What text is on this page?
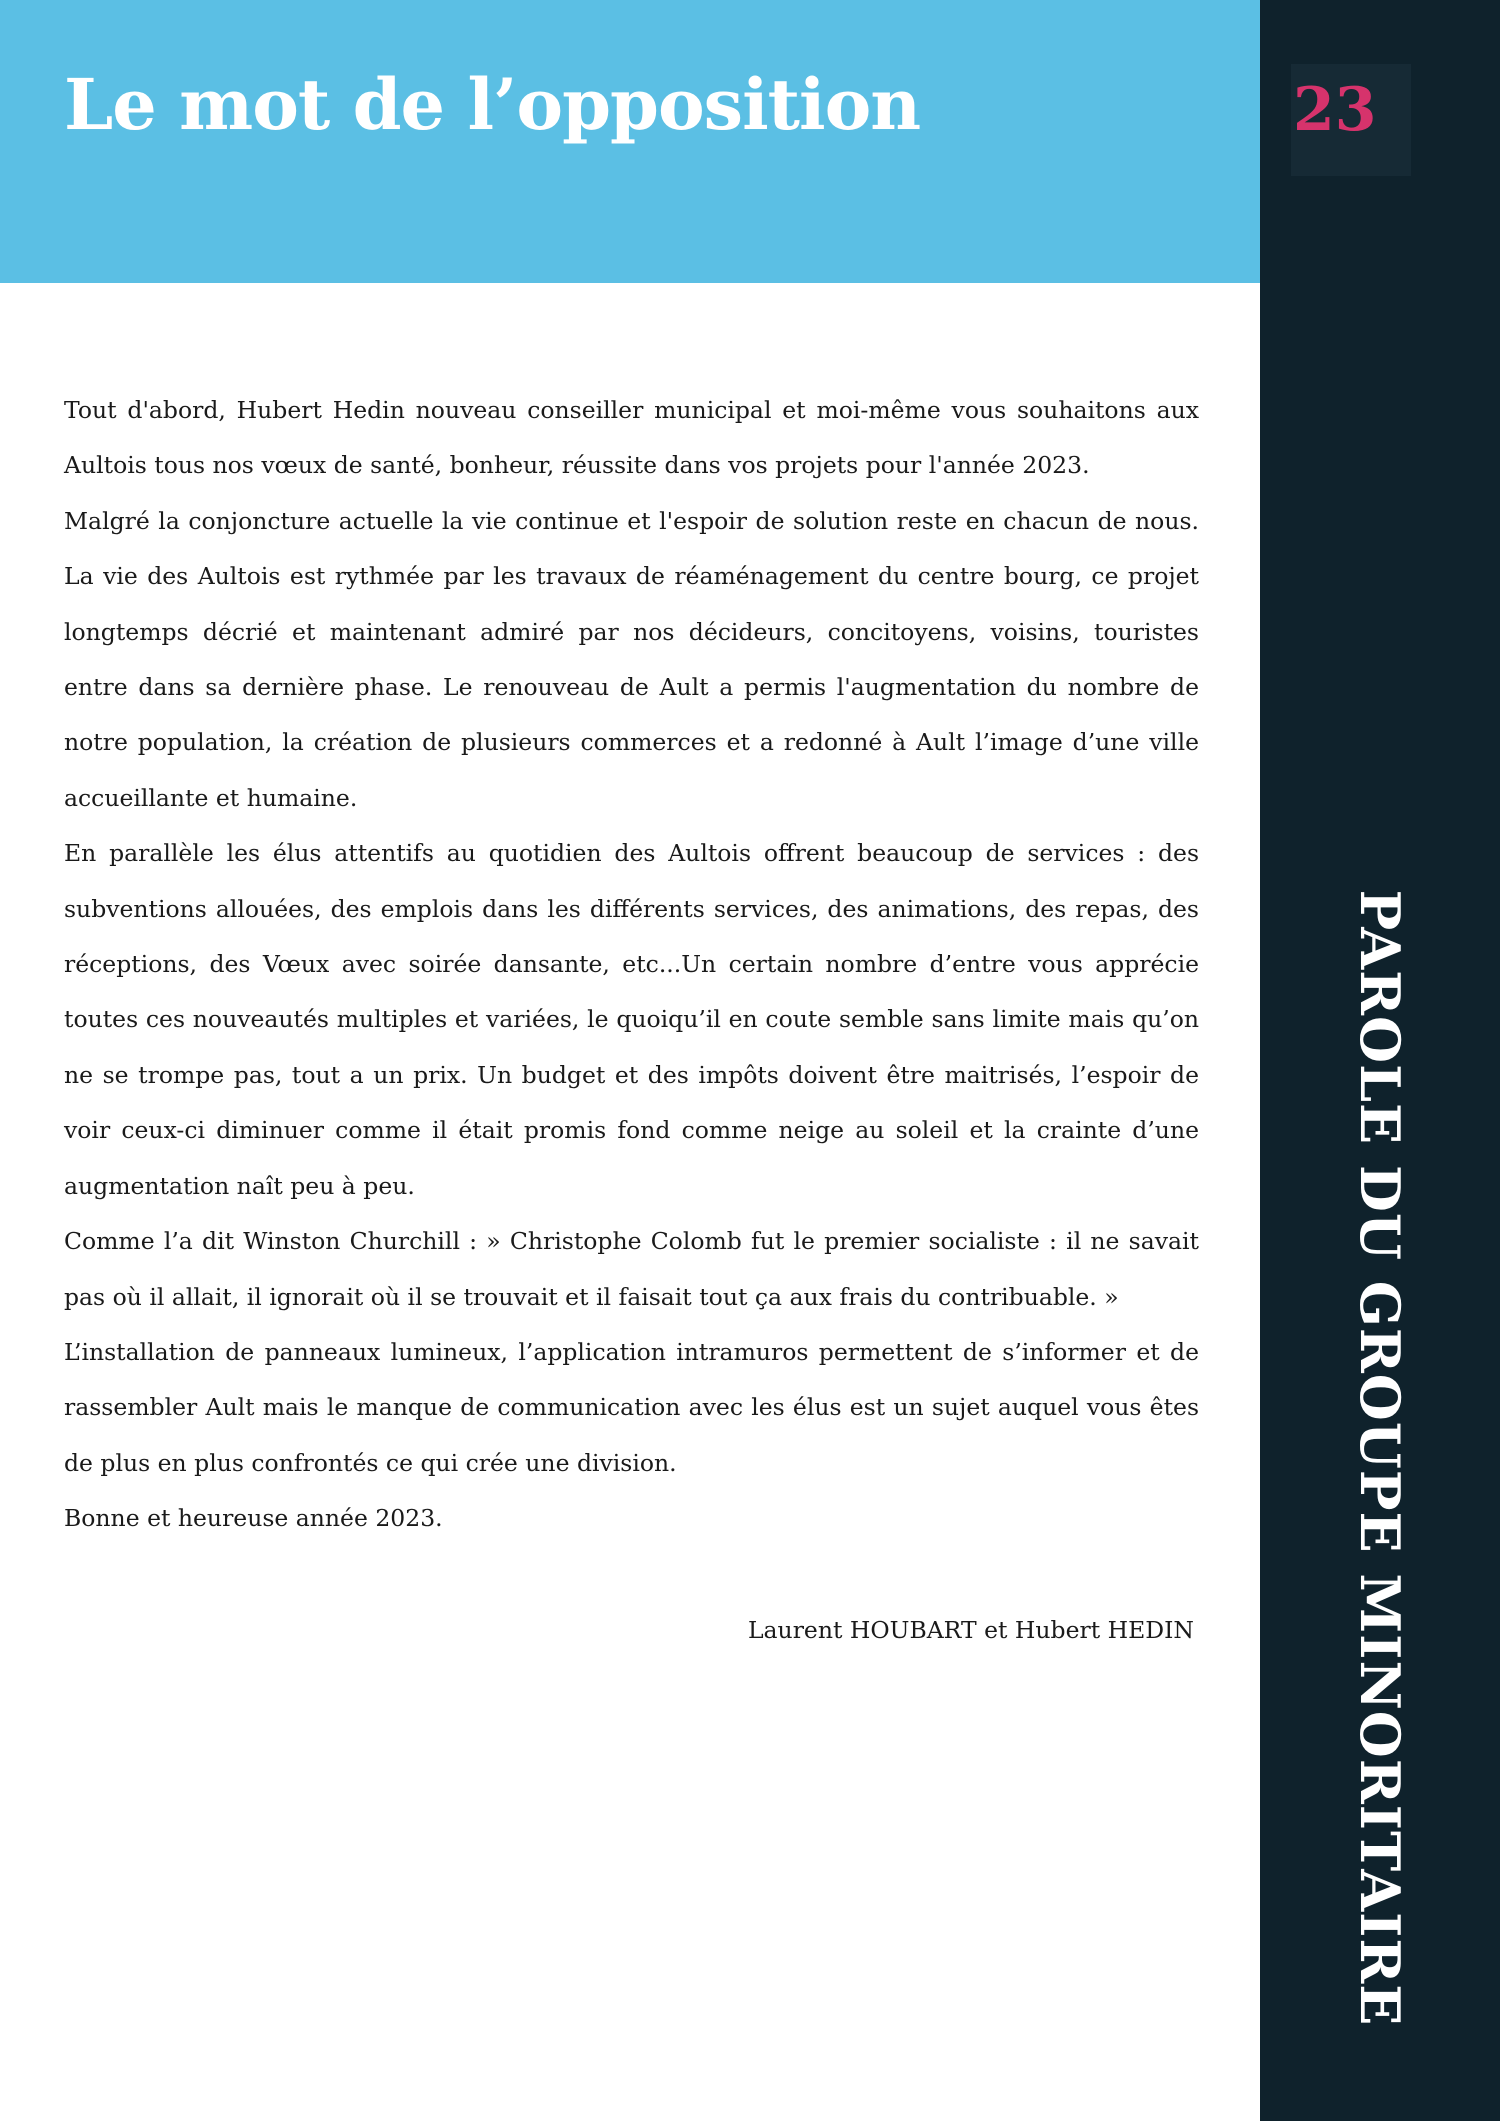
Le mot de l’opposition	23
PAROLE DU GROUPE MINORITAIRE

Tout d'abord, Hubert Hedin nouveau conseiller municipal et moi-même vous souhaitons aux Aultois tous nos vœux de santé, bonheur, réussite dans vos projets pour l'année 2023.

Malgré la conjoncture actuelle la vie continue et l'espoir de solution reste en chacun de nous. La vie des Aultois est rythmée par les travaux de réaménagement du centre bourg, ce projet longtemps décrié et maintenant admiré par nos décideurs, concitoyens, voisins, touristes entre dans sa dernière phase. Le renouveau de Ault a permis l'augmentation du nombre de notre population, la création de plusieurs commerces et a redonné à Ault l’image d’une ville accueillante et humaine.

En parallèle les élus attentifs au quotidien des Aultois offrent beaucoup de services : des subventions allouées, des emplois dans les différents services, des animations, des repas, des réceptions, des Vœux avec soirée dansante, etc...Un certain nombre d’entre vous apprécie toutes ces nouveautés multiples et variées, le quoiqu’il en coute semble sans limite mais qu’on ne se trompe pas, tout a un prix. Un budget et des impôts doivent être maitrisés, l’espoir de voir ceux-ci diminuer comme il était promis fond comme neige au soleil et la crainte d’une augmentation naît peu à peu.

Comme l’a dit Winston Churchill : » Christophe Colomb fut le premier socialiste : il ne savait pas où il allait, il ignorait où il se trouvait et il faisait tout ça aux frais du contribuable. »

L’installation de panneaux lumineux, l’application intramuros permettent de s’informer et de rassembler Ault mais le manque de communication avec les élus est un sujet auquel vous êtes de plus en plus confrontés ce qui crée une division.

Bonne et heureuse année 2023.

Laurent HOUBART et Hubert HEDIN
